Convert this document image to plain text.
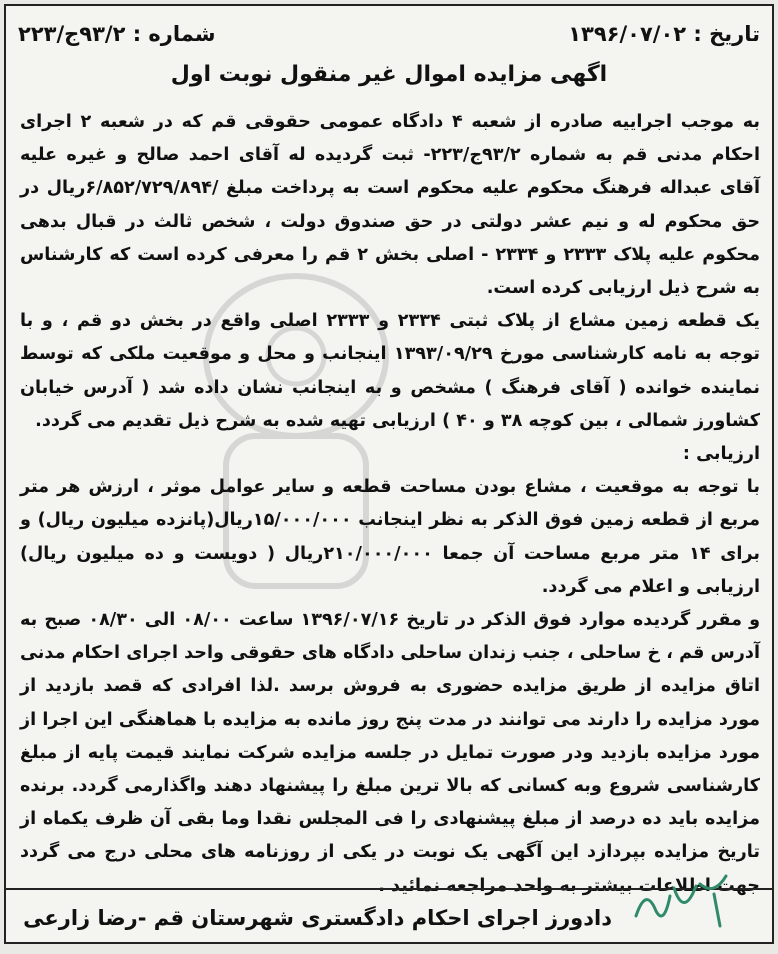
تاریخ : ۱۳۹۶/۰۷/۰۲
شماره : ۹۳/۲ج/۲۲۳
اگهی مزایده اموال غیر منقول نوبت اول

به موجب اجراییه صادره از شعبه ۴ دادگاه عمومی حقوقی قم که در شعبه ۲ اجرای احکام مدنی قم به شماره ۹۳/۲ج/۲۲۳- ثبت گردیده له آقای احمد صالح و غیره علیه آقای عبداله فرهنگ محکوم علیه محکوم است به پرداخت مبلغ /۶/۸۵۲/۷۲۹/۸۹۴ریال در حق محکوم له و نیم عشر دولتی در حق صندوق دولت ، شخص ثالث در قبال بدهی محکوم علیه پلاک ۲۳۳۳ و ۲۳۳۴ - اصلی بخش ۲ قم را معرفی کرده است که کارشناس به شرح ذیل ارزیابی کرده است.

یک قطعه زمین مشاع از پلاک ثبتی ۲۳۳۴ و ۲۳۳۳ اصلی واقع در بخش دو قم ، و با توجه به نامه کارشناسی مورخ ۱۳۹۳/۰۹/۲۹ اینجانب و محل و موقعیت ملکی که توسط نماینده خوانده ( آقای فرهنگ ) مشخص و به اینجانب نشان داده شد ( آدرس خیابان کشاورز شمالی ، بین کوچه ۳۸ و ۴۰ ) ارزیابی تهیه شده به شرح ذیل تقدیم می گردد.

ارزیابی :

با توجه به موقعیت ، مشاع بودن مساحت قطعه و سایر عوامل موثر ، ارزش هر متر مربع از قطعه زمین فوق الذکر به نظر اینجانب ۱۵/۰۰۰/۰۰۰ریال(پانزده میلیون ریال) و برای ۱۴ متر مربع مساحت آن جمعا ۲۱۰/۰۰۰/۰۰۰ریال ( دویست و ده میلیون ریال) ارزیابی و اعلام می گردد.

و مقرر گردیده موارد فوق الذکر در تاریخ ۱۳۹۶/۰۷/۱۶ ساعت ۰۸/۰۰ الی ۰۸/۳۰ صبح به آدرس قم ، خ ساحلی ، جنب زندان ساحلی دادگاه های حقوقی واحد اجرای احکام مدنی اتاق مزایده از طریق مزایده حضوری به فروش برسد .لذا افرادی که قصد بازدید از مورد مزایده را دارند می توانند در مدت پنج روز مانده به مزایده با هماهنگی این اجرا از مورد مزایده بازدید ودر صورت تمایل در جلسه مزایده شرکت نمایند قیمت پایه از مبلغ کارشناسی شروع وبه کسانی که بالا ترین مبلغ را پیشنهاد دهند واگذارمی گردد. برنده مزایده باید ده درصد از مبلغ پیشنهادی را فی المجلس نقدا وما بقی آن ظرف یکماه از تاریخ مزایده بپردازد این آگهی یک نوبت در یکی از روزنامه های محلی درج می گردد جهت اطلاعات بیشتر به واحد مراجعه نمائید .

دادورز اجرای احکام دادگستری شهرستان قم -رضا زارعی
